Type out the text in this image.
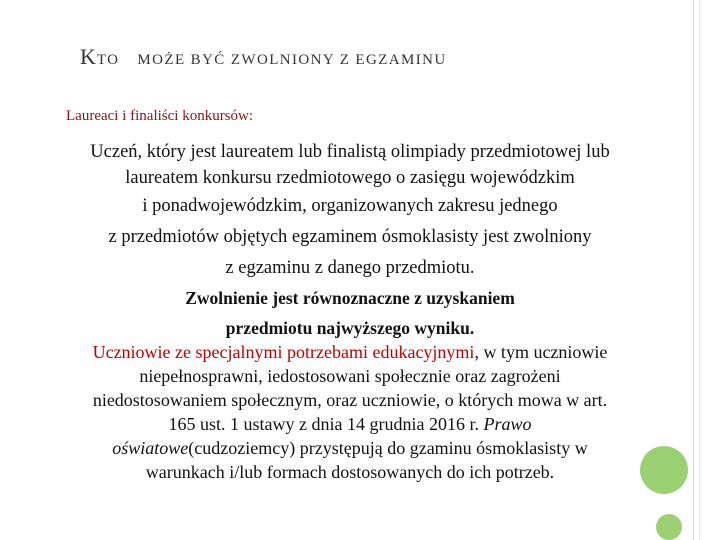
KTO MOŻE BYĆ ZWOLNIONY Z EGZAMINU
Laureaci i finaliści konkursów:
Uczeń, który jest laureatem lub finalistą olimpiady przedmiotowej lub
laureatem konkursu rzedmiotowego o zasięgu wojewódzkim
i ponadwojewódzkim, organizowanych zakresu jednego
z przedmiotów objętych egzaminem ósmoklasisty jest zwolniony
z egzaminu z danego przedmiotu.
Zwolnienie jest równoznaczne z uzyskaniem
przedmiotu najwyższego wyniku.
Uczniowie ze specjalnymi potrzebami edukacyjnymi, w tym uczniowie
niepełnosprawni, iedostosowani społecznie oraz zagrożeni
niedostosowaniem społecznym, oraz uczniowie, o których mowa w art.
165 ust. 1 ustawy z dnia 14 grudnia 2016 r. Prawo
oświatowe(cudzoziemcy) przystępują do gzaminu ósmoklasisty w
warunkach i/lub formach dostosowanych do ich potrzeb.
